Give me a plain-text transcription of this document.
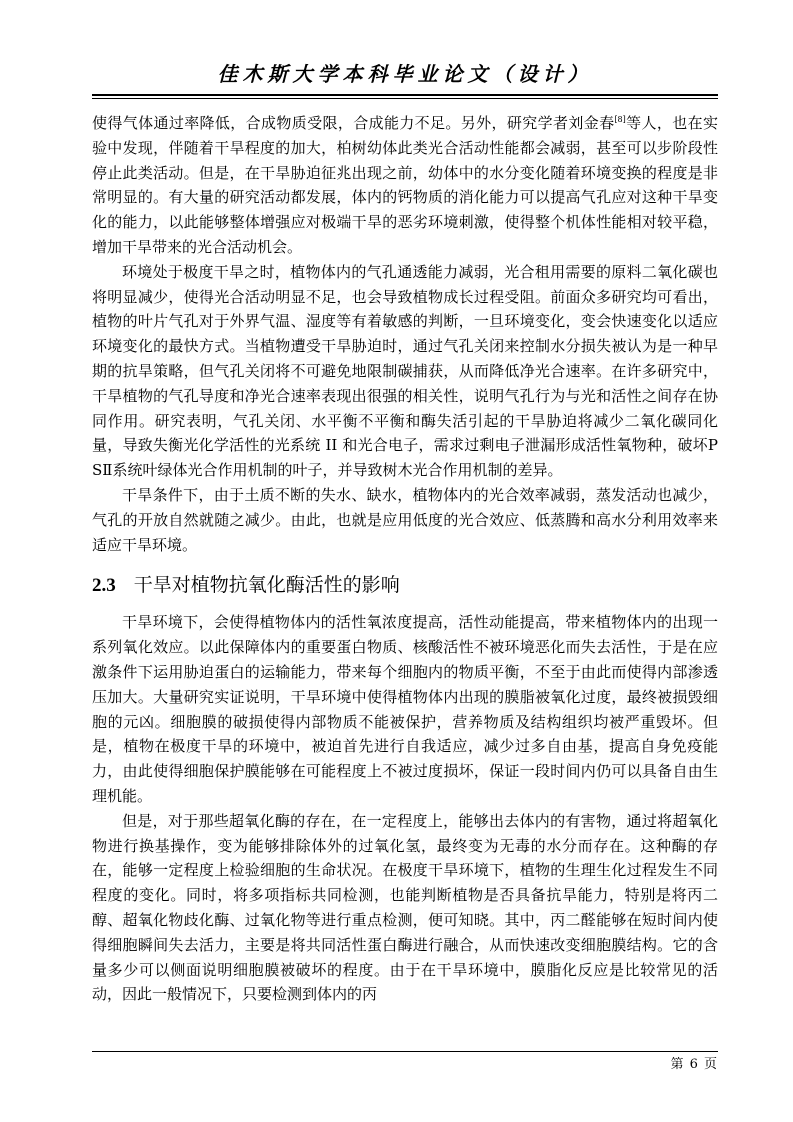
佳木斯大学本科毕业论文（设计）

使得气体通过率降低，合成物质受限，合成能力不足。另外，研究学者刘金春[8]等人，也在实验中发现，伴随着干旱程度的加大，柏树幼体此类光合活动性能都会减弱，甚至可以步阶段性停止此类活动。但是，在干旱胁迫征兆出现之前，幼体中的水分变化随着环境变换的程度是非常明显的。有大量的研究活动都发展，体内的钙物质的消化能力可以提高气孔应对这种干旱变化的能力，以此能够整体增强应对极端干旱的恶劣环境刺激，使得整个机体性能相对较平稳，增加干旱带来的光合活动机会。

环境处于极度干旱之时，植物体内的气孔通透能力减弱，光合租用需要的原料二氧化碳也将明显减少，使得光合活动明显不足，也会导致植物成长过程受阻。前面众多研究均可看出，植物的叶片气孔对于外界气温、湿度等有着敏感的判断，一旦环境变化，变会快速变化以适应环境变化的最快方式。当植物遭受干旱胁迫时，通过气孔关闭来控制水分损失被认为是一种早期的抗旱策略，但气孔关闭将不可避免地限制碳捕获，从而降低净光合速率。在许多研究中，干旱植物的气孔导度和净光合速率表现出很强的相关性，说明气孔行为与光和活性之间存在协同作用。研究表明，气孔关闭、水平衡不平衡和酶失活引起的干旱胁迫将减少二氧化碳同化量，导致失衡光化学活性的光系统 II 和光合电子，需求过剩电子泄漏形成活性氧物种，破坏PSⅡ系统叶绿体光合作用机制的叶子，并导致树木光合作用机制的差异。

干旱条件下，由于土质不断的失水、缺水，植物体内的光合效率减弱，蒸发活动也减少，气孔的开放自然就随之减少。由此，也就是应用低度的光合效应、低蒸腾和高水分利用效率来适应干旱环境。

2.3 干旱对植物抗氧化酶活性的影响

干旱环境下，会使得植物体内的活性氧浓度提高，活性动能提高，带来植物体内的出现一系列氧化效应。以此保障体内的重要蛋白物质、核酸活性不被环境恶化而失去活性，于是在应激条件下运用胁迫蛋白的运输能力，带来每个细胞内的物质平衡，不至于由此而使得内部渗透压加大。大量研究实证说明，干旱环境中使得植物体内出现的膜脂被氧化过度，最终被损毁细胞的元凶。细胞膜的破损使得内部物质不能被保护，营养物质及结构组织均被严重毁坏。但是，植物在极度干旱的环境中，被迫首先进行自我适应，减少过多自由基，提高自身免疫能力，由此使得细胞保护膜能够在可能程度上不被过度损坏，保证一段时间内仍可以具备自由生理机能。

但是，对于那些超氧化酶的存在，在一定程度上，能够出去体内的有害物，通过将超氧化物进行换基操作，变为能够排除体外的过氧化氢，最终变为无毒的水分而存在。这种酶的存在，能够一定程度上检验细胞的生命状况。在极度干旱环境下，植物的生理生化过程发生不同程度的变化。同时，将多项指标共同检测，也能判断植物是否具备抗旱能力，特别是将丙二醇、超氧化物歧化酶、过氧化物等进行重点检测，便可知晓。其中，丙二醛能够在短时间内使得细胞瞬间失去活力，主要是将共同活性蛋白酶进行融合，从而快速改变细胞膜结构。它的含量多少可以侧面说明细胞膜被破坏的程度。由于在干旱环境中，膜脂化反应是比较常见的活动，因此一般情况下，只要检测到体内的丙

第 6 页
